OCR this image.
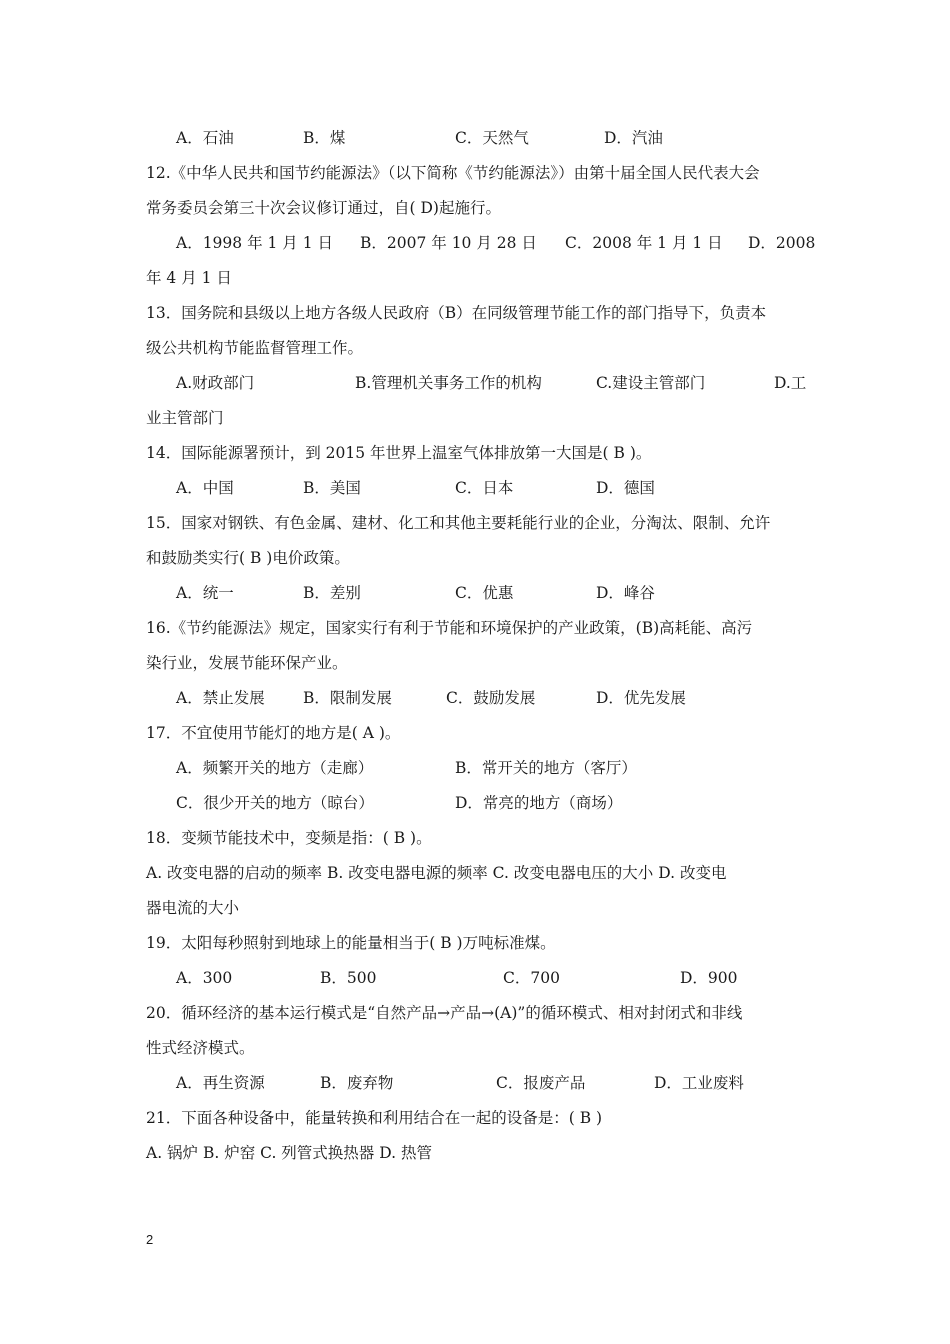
A．石油	B．煤	C．天然气	D．汽油
12.《中华人民共和国节约能源法》（以下简称《节约能源法》）由第十届全国人民代表大会
常务委员会第三十次会议修订通过，自( D)起施行。
A．1998 年 1 月 1 日 B．2007 年 10 月 28 日 C．2008 年 1 月 1 日 D．2008
年 4 月 1 日
13．国务院和县级以上地方各级人民政府（B）在同级管理节能工作的部门指导下，负责本
级公共机构节能监督管理工作。
A.财政部门	B.管理机关事务工作的机构	C.建设主管部门	D.工
业主管部门
14．国际能源署预计，到 2015 年世界上温室气体排放第一大国是( B )。
A．中国	B．美国	C．日本	D．德国
15．国家对钢铁、有色金属、建材、化工和其他主要耗能行业的企业，分淘汰、限制、允许
和鼓励类实行( B )电价政策。
A．统一	B．差别	C．优惠	D．峰谷
16.《节约能源法》规定，国家实行有利于节能和环境保护的产业政策，(B)高耗能、高污
染行业，发展节能环保产业。
A．禁止发展 B．限制发展	C．鼓励发展	D．优先发展
17．不宜使用节能灯的地方是( A )。
A．频繁开关的地方（走廊）	B．常开关的地方（客厅）
C．很少开关的地方（晾台）	D．常亮的地方（商场）
18．变频节能技术中，变频是指：( B )。
A. 改变电器的启动的频率 B. 改变电器电源的频率 C. 改变电器电压的大小 D. 改变电
器电流的大小
19．太阳每秒照射到地球上的能量相当于( B )万吨标准煤。
A．300	B．500	C．700	D．900
20．循环经济的基本运行模式是“自然产品→产品→(A)”的循环模式、相对封闭式和非线
性式经济模式。
A．再生资源	B．废弃物	C．报废产品	D．工业废料
21．下面各种设备中，能量转换和利用结合在一起的设备是：( B )
A. 锅炉 B. 炉窑 C. 列管式换热器 D. 热管
2
